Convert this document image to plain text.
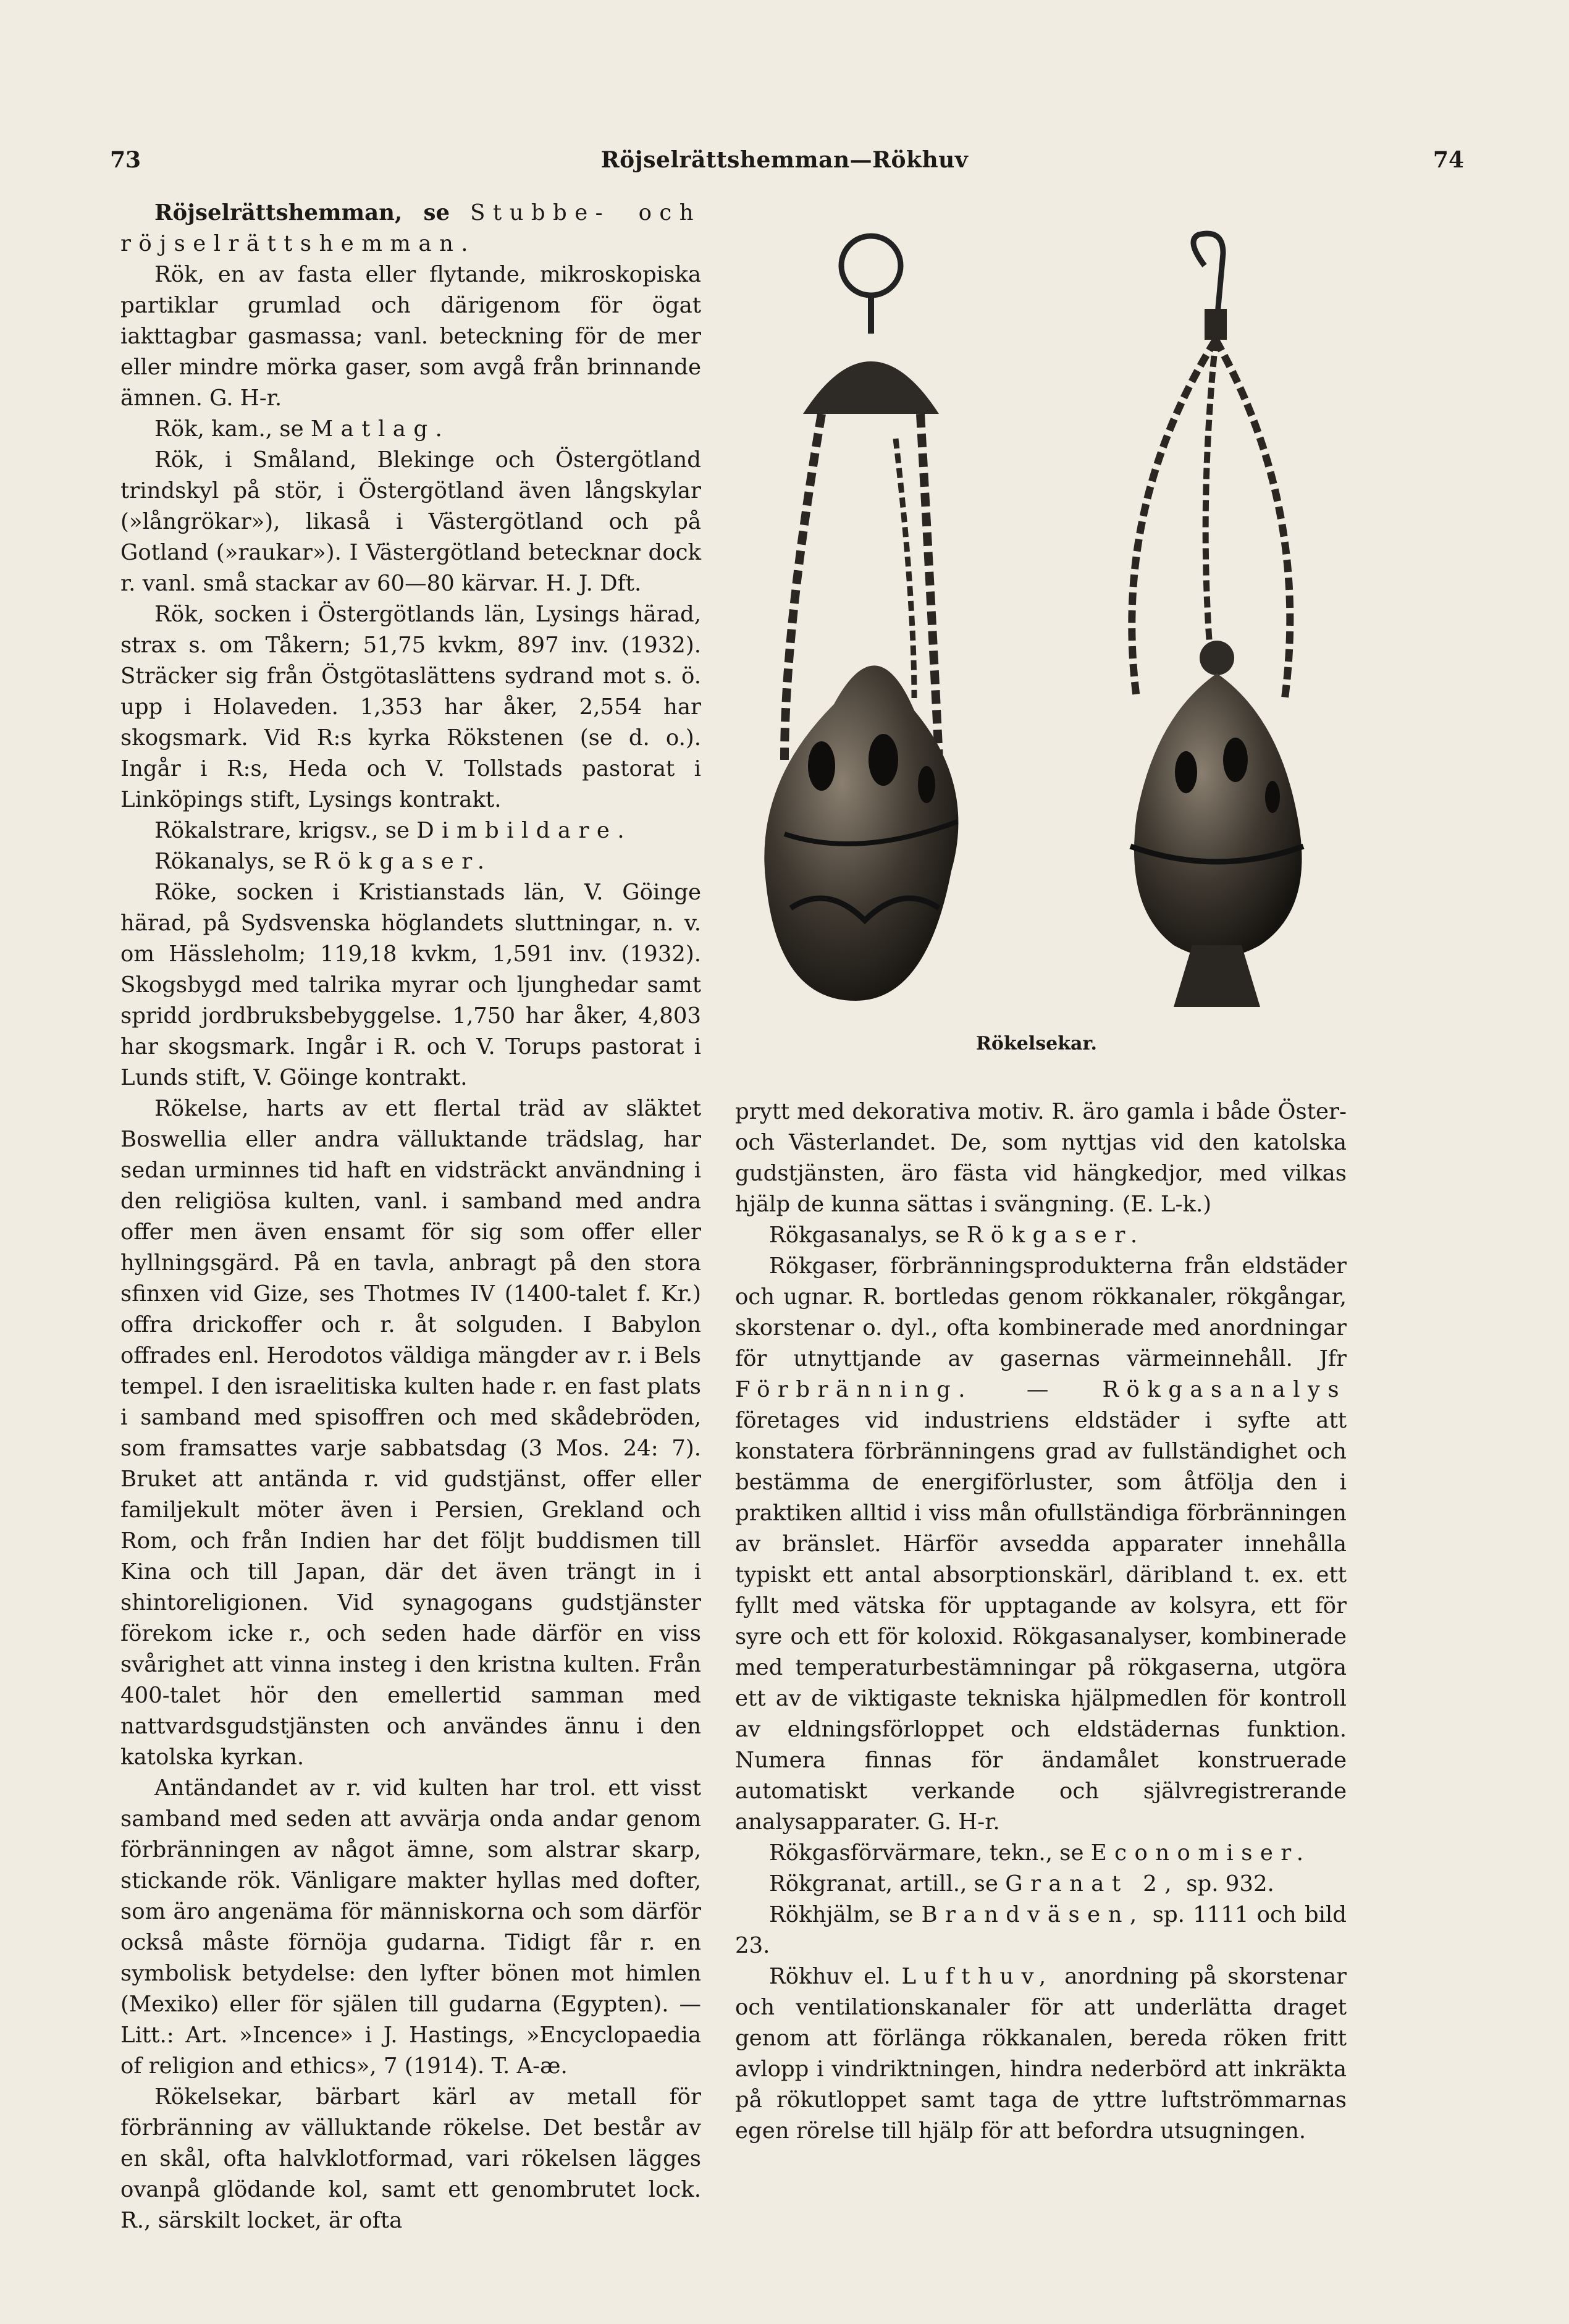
73	Röjselrättshemman—Rökhuv	74

Röjselrättshemman, se Stubbe- och röjselrättshemman.

Rök, en av fasta eller flytande, mikroskopiska partiklar grumlad och därigenom för ögat iakttagbar gasmassa; vanl. beteckning för de mer eller mindre mörka gaser, som avgå från brinnande ämnen. G. H-r.

Rök, kam., se Matlag.

Rök, i Småland, Blekinge och Östergötland trindskyl på stör, i Östergötland även långskylar (»långrökar»), likaså i Västergötland och på Gotland (»raukar»). I Västergötland betecknar dock r. vanl. små stackar av 60—80 kärvar. H. J. Dft.

Rök, socken i Östergötlands län, Lysings härad, strax s. om Tåkern; 51,75 kvkm, 897 inv. (1932). Sträcker sig från Östgötaslättens sydrand mot s. ö. upp i Holaveden. 1,353 har åker, 2,554 har skogsmark. Vid R:s kyrka Rökstenen (se d. o.). Ingår i R:s, Heda och V. Tollstads pastorat i Linköpings stift, Lysings kontrakt.

Rökalstrare, krigsv., se Dimbildare.

Rökanalys, se Rökgaser.

Röke, socken i Kristianstads län, V. Göinge härad, på Sydsvenska höglandets sluttningar, n. v. om Hässleholm; 119,18 kvkm, 1,591 inv. (1932). Skogsbygd med talrika myrar och ljunghedar samt spridd jordbruksbebyggelse. 1,750 har åker, 4,803 har skogsmark. Ingår i R. och V. Torups pastorat i Lunds stift, V. Göinge kontrakt.

Rökelse, harts av ett flertal träd av släktet Boswellia eller andra välluktande trädslag, har sedan urminnes tid haft en vidsträckt användning i den religiösa kulten, vanl. i samband med andra offer men även ensamt för sig som offer eller hyllningsgärd. På en tavla, anbragt på den stora sfinxen vid Gize, ses Thotmes IV (1400-talet f. Kr.) offra drickoffer och r. åt solguden. I Babylon offrades enl. Herodotos väldiga mängder av r. i Bels tempel. I den israelitiska kulten hade r. en fast plats i samband med spisoffren och med skådebröden, som framsattes varje sabbatsdag (3 Mos. 24: 7). Bruket att antända r. vid gudstjänst, offer eller familjekult möter även i Persien, Grekland och Rom, och från Indien har det följt buddismen till Kina och till Japan, där det även trängt in i shintoreligionen. Vid synagogans gudstjänster förekom icke r., och seden hade därför en viss svårighet att vinna insteg i den kristna kulten. Från 400-talet hör den emellertid samman med nattvardsgudstjänsten och användes ännu i den katolska kyrkan.

Antändandet av r. vid kulten har trol. ett visst samband med seden att avvärja onda andar genom förbränningen av något ämne, som alstrar skarp, stickande rök. Vänligare makter hyllas med dofter, som äro angenäma för människorna och som därför också måste förnöja gudarna. Tidigt får r. en symbolisk betydelse: den lyfter bönen mot himlen (Mexiko) eller för själen till gudarna (Egypten). — Litt.: Art. »Incence» i J. Hastings, »Encyclopaedia of religion and ethics», 7 (1914). T. A-æ.

Rökelsekar, bärbart kärl av metall för förbränning av välluktande rökelse. Det består av en skål, ofta halvklotformad, vari rökelsen lägges ovanpå glödande kol, samt ett genombrutet lock. R., särskilt locket, är ofta

Rökelsekar.

prytt med dekorativa motiv. R. äro gamla i både Öster- och Västerlandet. De, som nyttjas vid den katolska gudstjänsten, äro fästa vid hängkedjor, med vilkas hjälp de kunna sättas i svängning. (E. L-k.)

Rökgasanalys, se Rökgaser.

Rökgaser, förbränningsprodukterna från eldstäder och ugnar. R. bortledas genom rökkanaler, rökgångar, skorstenar o. dyl., ofta kombinerade med anordningar för utnyttjande av gasernas värmeinnehåll. Jfr Förbränning. — Rökgasanalys företages vid industriens eldstäder i syfte att konstatera förbränningens grad av fullständighet och bestämma de energiförluster, som åtfölja den i praktiken alltid i viss mån ofullständiga förbränningen av bränslet. Härför avsedda apparater innehålla typiskt ett antal absorptionskärl, däribland t. ex. ett fyllt med vätska för upptagande av kolsyra, ett för syre och ett för koloxid. Rökgasanalyser, kombinerade med temperaturbestämningar på rökgaserna, utgöra ett av de viktigaste tekniska hjälpmedlen för kontroll av eldningsförloppet och eldstädernas funktion. Numera finnas för ändamålet konstruerade automatiskt verkande och självregistrerande analysapparater. G. H-r.

Rökgasförvärmare, tekn., se Economiser.

Rökgranat, artill., se Granat 2, sp. 932.

Rökhjälm, se Brandväsen, sp. 1111 och bild 23.

Rökhuv el. Lufthuv, anordning på skorstenar och ventilationskanaler för att underlätta draget genom att förlänga rökkanalen, bereda röken fritt avlopp i vindriktningen, hindra nederbörd att inkräkta på rökutloppet samt taga de yttre luftströmmarnas egen rörelse till hjälp för att befordra utsugningen.
